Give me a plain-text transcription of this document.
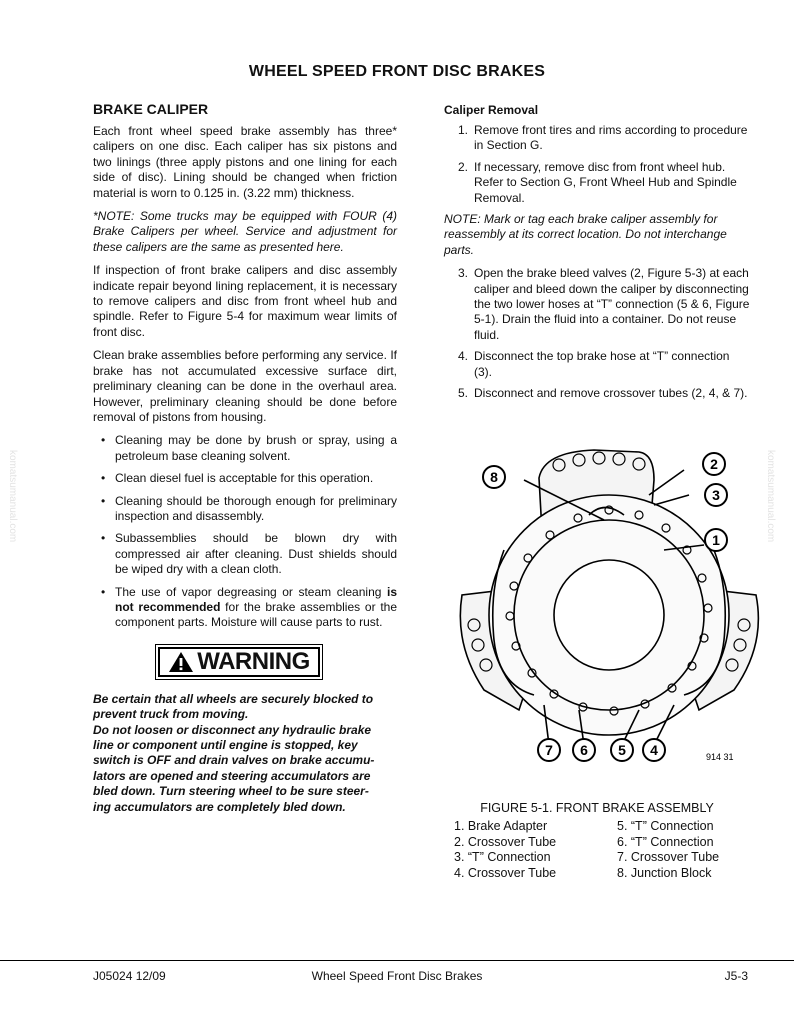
WHEEL SPEED FRONT DISC BRAKES
komatsumanual.com	komatsumanual.com
BRAKE CALIPER

Each front wheel speed brake assembly has three* calipers on one disc. Each caliper has six pistons and two linings (three apply pistons and one lining for each side of disc). Lining should be changed when friction material is worn to 0.125 in. (3.22 mm) thickness.

*NOTE: Some trucks may be equipped with FOUR (4) Brake Calipers per wheel. Service and adjustment for these calipers are the same as presented here.

If inspection of front brake calipers and disc assembly indicate repair beyond lining replacement, it is necessary to remove calipers and disc from front wheel hub and spindle. Refer to Figure 5-4 for maximum wear limits of front disc.

Clean brake assemblies before performing any service. If brake has not accumulated excessive surface dirt, preliminary cleaning can be done in the overhaul area. However, preliminary cleaning should be done before removal of pistons from housing.

• Cleaning may be done by brush or spray, using a petroleum base cleaning solvent.
• Clean diesel fuel is acceptable for this operation.
• Cleaning should be thorough enough for preliminary inspection and disassembly.
• Subassemblies should be blown dry with compressed air after cleaning. Dust shields should be wiped dry with a clean cloth.
• The use of vapor degreasing or steam cleaning is not recommended for the brake assemblies or the component parts. Moisture will cause parts to rust.
WARNING
Be certain that all wheels are securely blocked to
prevent truck from moving.
Do not loosen or disconnect any hydraulic brake
line or component until engine is stopped, key
switch is OFF and drain valves on brake accumu-
lators are opened and steering accumulators are
bled down. Turn steering wheel to be sure steer-
ing accumulators are completely bled down.
Caliper Removal
1. Remove front tires and rims according to procedure in Section G.
2. If necessary, remove disc from front wheel hub. Refer to Section G, Front Wheel Hub and Spindle Removal.

NOTE: Mark or tag each brake caliper assembly for reassembly at its correct location. Do not interchange parts.

3. Open the brake bleed valves (2, Figure 5-3) at each caliper and bleed down the caliper by disconnecting the two lower hoses at “T” connection (5 & 6, Figure 5-1). Drain the fluid into a container. Do not reuse fluid.
4. Disconnect the top brake hose at “T” connection (3).
5. Disconnect and remove crossover tubes (2, 4, & 7).
8
2
3
1
7 6 5 4	914 31
FIGURE 5-1. FRONT BRAKE ASSEMBLY
1. Brake Adapter	5. “T” Connection
2. Crossover Tube	6. “T” Connection
3. “T” Connection	7. Crossover Tube
4. Crossover Tube	8. Junction Block
J05024 12/09	Wheel Speed Front Disc Brakes	J5-3
